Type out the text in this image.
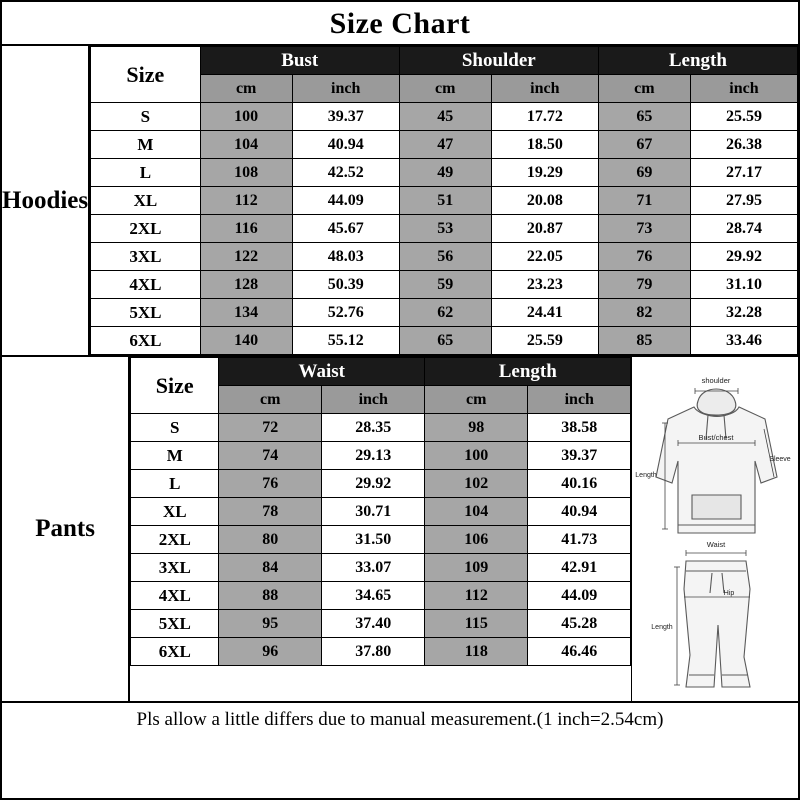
Size Chart
Hoodies
Size	Bust		Shoulder		Length	
	cm	inch	cm	inch	cm	inch
S	100	39.37	45	17.72	65	25.59
M	104	40.94	47	18.50	67	26.38
L	108	42.52	49	19.29	69	27.17
XL	112	44.09	51	20.08	71	27.95
2XL	116	45.67	53	20.87	73	28.74
3XL	122	48.03	56	22.05	76	29.92
4XL	128	50.39	59	23.23	79	31.10
5XL	134	52.76	62	24.41	82	32.28
6XL	140	55.12	65	25.59	85	33.46
Pants
Size	Waist		Length	
	cm	inch	cm	inch
S	72	28.35	98	38.58
M	74	29.13	100	39.37
L	76	29.92	102	40.16
XL	78	30.71	104	40.94
2XL	80	31.50	106	41.73
3XL	84	33.07	109	42.91
4XL	88	34.65	112	44.09
5XL	95	37.40	115	45.28
6XL	96	37.80	118	46.46
shoulder
Bust/chest
Length
Sleeve
Waist
Hip
Length
Pls allow a little differs due to manual measurement.(1 inch=2.54cm)
